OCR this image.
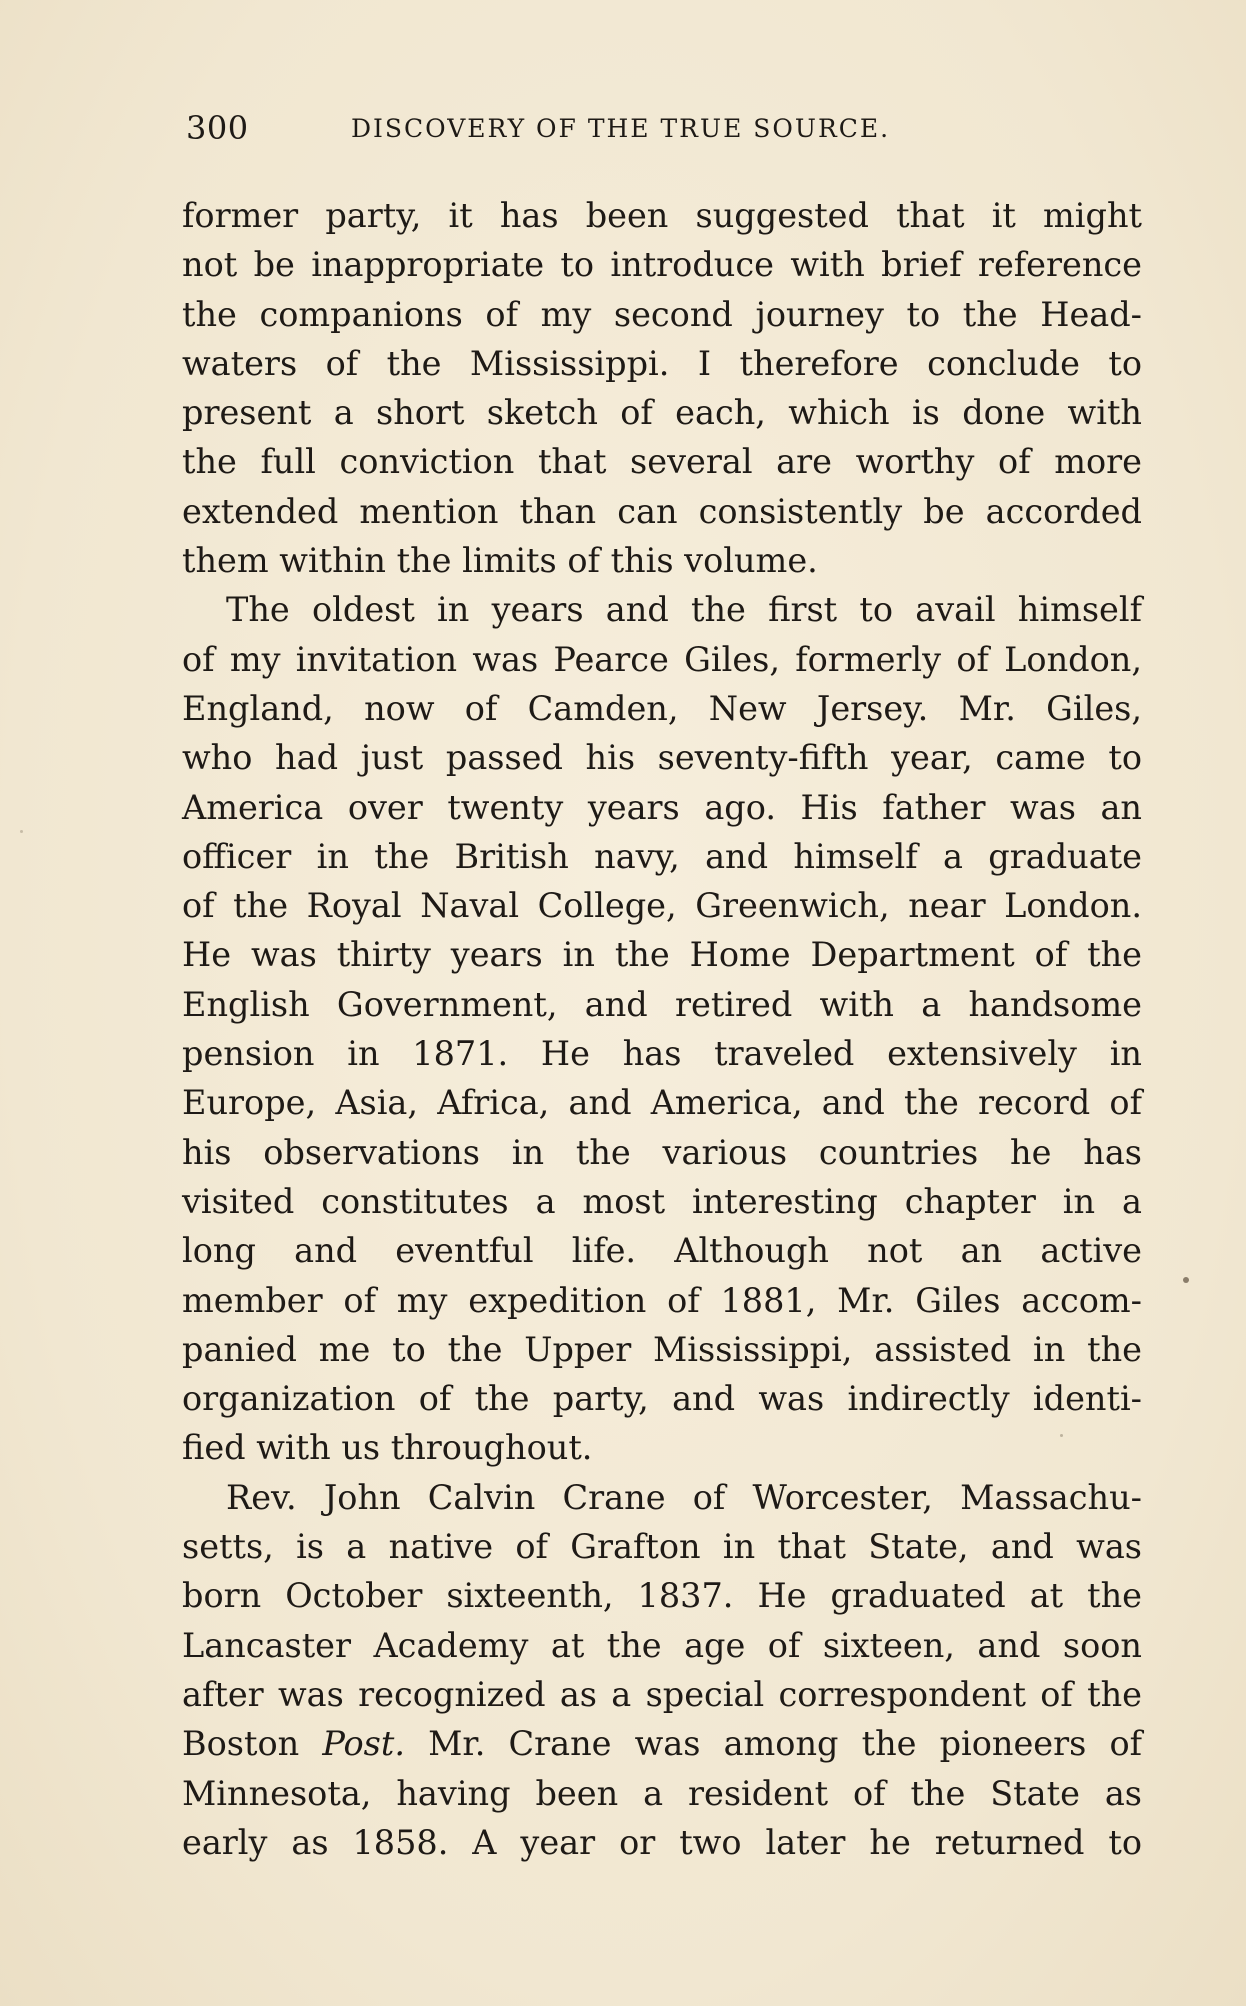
300	DISCOVERY OF THE TRUE SOURCE.
former party, it has been suggested that it might
not be inappropriate to introduce with brief reference
the companions of my second journey to the Head-
waters of the Mississippi. I therefore conclude to
present a short sketch of each, which is done with
the full conviction that several are worthy of more
extended mention than can consistently be accorded
them within the limits of this volume.
The oldest in years and the first to avail himself
of my invitation was Pearce Giles, formerly of London,
England, now of Camden, New Jersey. Mr. Giles,
who had just passed his seventy-fifth year, came to
America over twenty years ago. His father was an
officer in the British navy, and himself a graduate
of the Royal Naval College, Greenwich, near London.
He was thirty years in the Home Department of the
English Government, and retired with a handsome
pension in 1871. He has traveled extensively in
Europe, Asia, Africa, and America, and the record of
his observations in the various countries he has
visited constitutes a most interesting chapter in a
long and eventful life. Although not an active
member of my expedition of 1881, Mr. Giles accom-
panied me to the Upper Mississippi, assisted in the
organization of the party, and was indirectly identi-
fied with us throughout.
Rev. John Calvin Crane of Worcester, Massachu-
setts, is a native of Grafton in that State, and was
born October sixteenth, 1837. He graduated at the
Lancaster Academy at the age of sixteen, and soon
after was recognized as a special correspondent of the
Boston Post. Mr. Crane was among the pioneers of
Minnesota, having been a resident of the State as
early as 1858. A year or two later he returned to
